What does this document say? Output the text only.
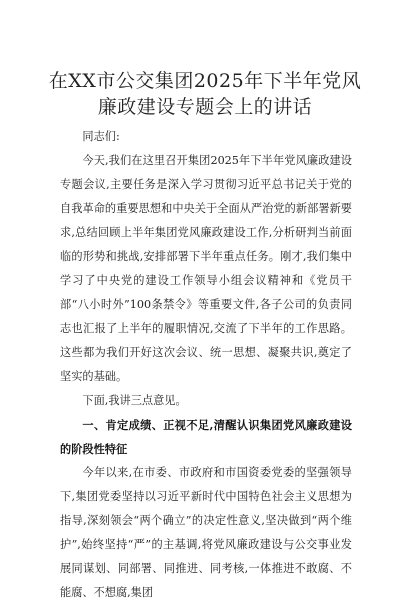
在XX市公交集团2025年下半年党风廉政建设专题会上的讲话

同志们:

今天,我们在这里召开集团2025年下半年党风廉政建设专题会议,主要任务是深入学习贯彻习近平总书记关于党的自我革命的重要思想和中央关于全面从严治党的新部署新要求,总结回顾上半年集团党风廉政建设工作,分析研判当前面临的形势和挑战,安排部署下半年重点任务。刚才,我们集中学习了中央党的建设工作领导小组会议精神和《党员干部“八小时外”100条禁令》等重要文件,各子公司的负责同志也汇报了上半年的履职情况,交流了下半年的工作思路。这些都为我们开好这次会议、统一思想、凝聚共识,奠定了坚实的基础。

下面,我讲三点意见。

一、肯定成绩、正视不足,清醒认识集团党风廉政建设的阶段性特征

今年以来,在市委、市政府和市国资委党委的坚强领导下,集团党委坚持以习近平新时代中国特色社会主义思想为指导,深刻领会“两个确立”的决定性意义,坚决做到“两个维护”,始终坚持“严”的主基调,将党风廉政建设与公交事业发展同谋划、同部署、同推进、同考核,一体推进不敢腐、不能腐、不想腐,集团
